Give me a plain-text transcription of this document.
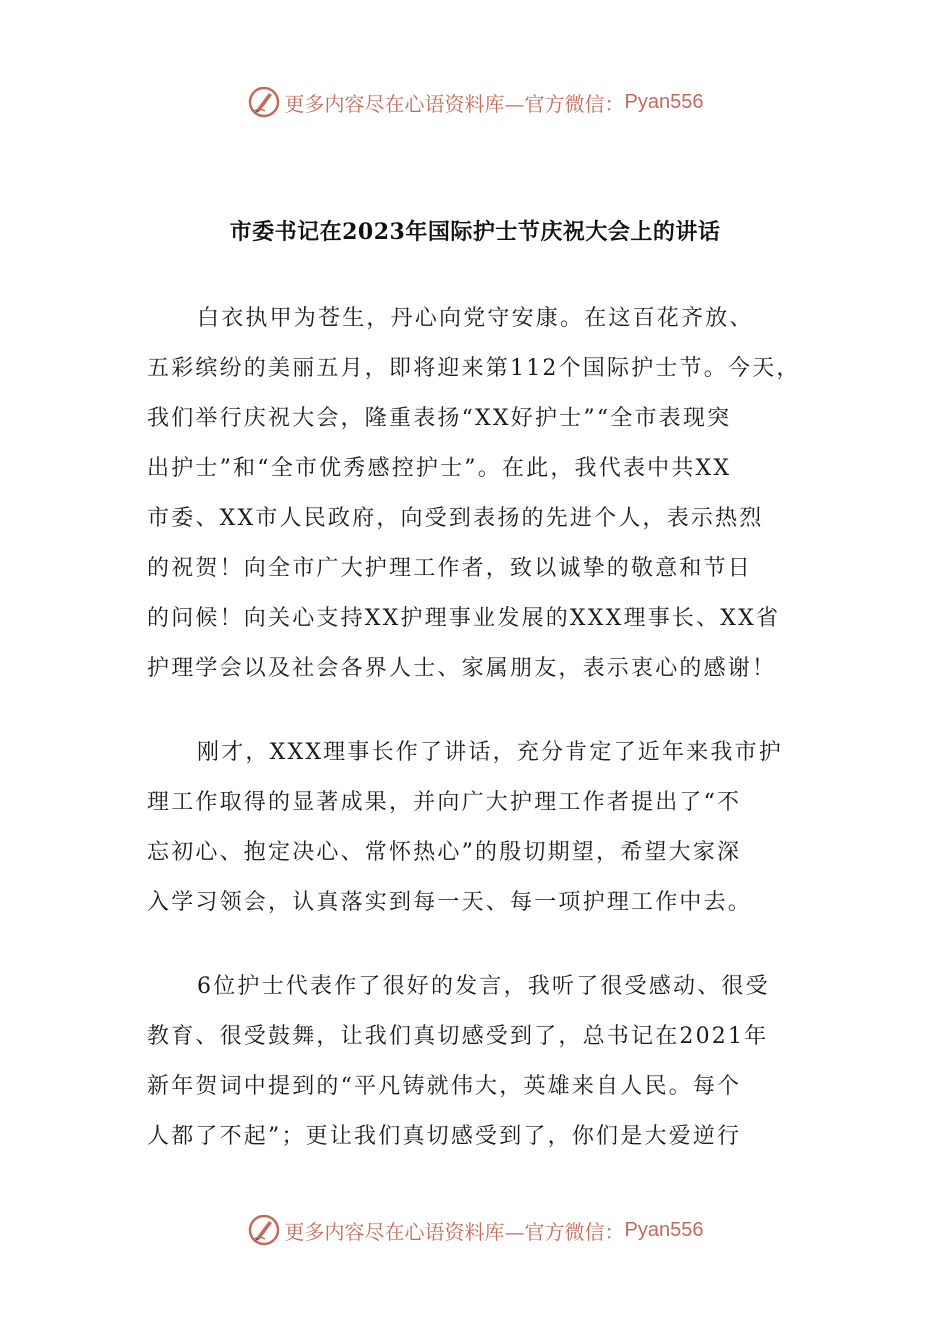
更多内容尽在心语资料库—官方微信： Pyan556
市委书记在2023年国际护士节庆祝大会上的讲话
白衣执甲为苍生，丹心向党守安康。在这百花齐放、
五彩缤纷的美丽五月，即将迎来第112个国际护士节。今天，
我们举行庆祝大会，隆重表扬“XX好护士”“全市表现突
出护士”和“全市优秀感控护士”。在此，我代表中共XX
市委、XX市人民政府，向受到表扬的先进个人，表示热烈
的祝贺！向全市广大护理工作者，致以诚挚的敬意和节日
的问候！向关心支持XX护理事业发展的XXX理事长、XX省
护理学会以及社会各界人士、家属朋友，表示衷心的感谢！
刚才，XXX理事长作了讲话，充分肯定了近年来我市护
理工作取得的显著成果，并向广大护理工作者提出了“不
忘初心、抱定决心、常怀热心”的殷切期望，希望大家深
入学习领会，认真落实到每一天、每一项护理工作中去。
6位护士代表作了很好的发言，我听了很受感动、很受
教育、很受鼓舞，让我们真切感受到了，总书记在2021年
新年贺词中提到的“平凡铸就伟大，英雄来自人民。每个
人都了不起”；更让我们真切感受到了，你们是大爱逆行
更多内容尽在心语资料库—官方微信： Pyan556
